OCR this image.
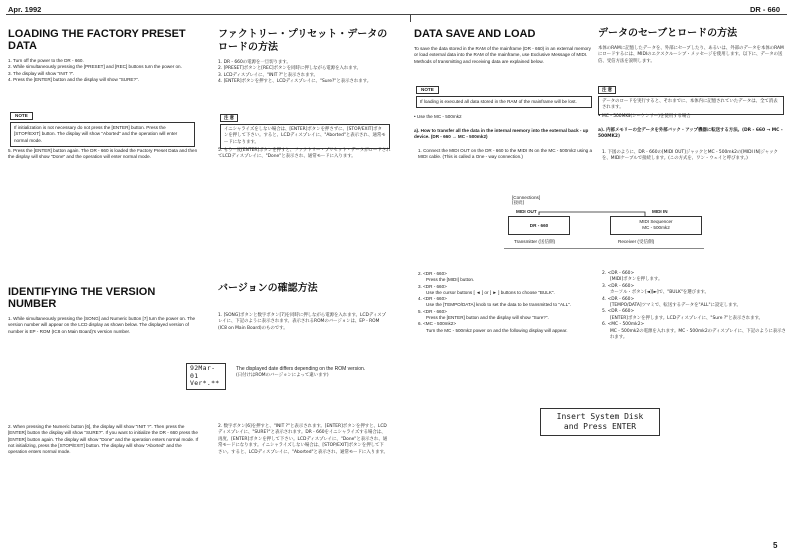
Apr. 1992	DR - 660
5
LOADING THE FACTORY PRESET DATA
1. Turn off the power to the DR - 660.
2. While simultaneously pressing the [PRESET] and [REC] buttons turn the power on.
3. The display will show "INIT ?".
4. Press the [ENTER] button and the display will show "SURE?".
NOTE
If initialization is not necessary do not press the [ENTER] button. Press the [STOP/EXIT] button. The display will show "Aborted" and the operation will enter normal mode.
5. Press the [ENTER] button again. The DR - 660 is loaded the Factory Preset Data and then the display will show "Done" and the operation will enter normal mode.
ファクトリー・プリセット・データのロードの方法
1. DR - 660の電源を一旦切ります。
2. [PRESET]ボタンと[REC]ボタンを同時に押しながら電源を入れます。
3. LCDディスプレイに、"INIT ?"と表示されます。
4. [ENTER]ボタンを押すと、LCDディスプレイに、"Sure?"と表示されます。
注 意
イニシャライズをしない場合は、[ENTER]ボタンを押さずに、[STOP/EXIT]ボタンを押して下さい。すると、LCDディスプレイに、"Aborted"と表示され、通常モードになります。
5. もう一度[ENTER]ボタンを押すと、ファクトリー・プリセット・データがロードされてLCDディスプレイに、"Done"と表示され、通常モードに入ります。
DATA SAVE AND LOAD
To save the data stored in the RAM of the mainframe (DR - 660) in an external memory or load external data into the RAM of the mainframe, use Exclusive Message of MIDI. Methods of transmitting and receiving data are explained below.
NOTE
If loading is executed all data stored in the RAM of the mainframe will be lost.
• Use the MC - 500mk2
a). How to transfer all the data in the internal memory into the external back - up device. (DR - 660 → MC - 500mk2)
1. Connect the MIDI OUT on the DR - 660 to the MIDI IN on the MC - 500mk2 using a MIDI cable. (This is called a One - way connection.)
データのセーブとロードの方法
本体のRAMに記憶したデータを、外部にセーブしたり、あるいは、外部のデータを本体のRAMにロードするには、MIDIのエクスクルーシブ・メッセージを使用します。以下に、データの送信、受信方法を説明します。
注 意
データのロードを実行すると、それまでに、本体内に記憶されていたデータは、全て消去されます。
• MC - 500MKⅡ(シーケンサー)を使用する場合
a). 内部メモリーの全データを外部バック・アップ機器に転送する方法。(DR - 660 → MC - 500MK2)
1. 下図のように、DR - 660の[MIDI OUT]ジャックとMC - 500mk2の[MIDI IN]ジャックを、MIDIケーブルで接続します。(この方式を、ワン・ウェイと呼びます。)
[Connections]
[接続]
MIDI OUT	MIDI IN
DR - 660
MIDI Sequencer
MC - 500mk2
Transmitter (送信側)	Receiver (受信側)
IDENTIFYING THE VERSION NUMBER
1. While simultaneously pressing the [SONG] and Numeric button [7] turn the power on. The version number will appear on the LCD display as shown below. The displayed version of number is EP - ROM (IC8 on Main Board)'s version number.
92Mar-01
Ver*.**
The displayed date differs depending on the ROM version.
(日付けはROMのバージョンによって違います)
2. When pressing the Numeric button [6], the display will show "INIT ?". Then press the [ENTER] button the display will show "SURE?". If you want to initialize the DR - 660 press the [ENTER] button again. The display will show "Done" and the operation enters normal mode. If not initializing, press the [STOP/EXIT] button. The display will show "Aborted" and the operation enters normal mode.
バージョンの確認方法
1. [SONG]ボタンと数字ボタン[7]を同時に押しながら電源を入れます。LCDディスプレイに、下記のように表示されます。表示されるROMのバージョンは、EP - ROM (IC8 on Main Board)のものです。
2. 数字ボタン[6]を押すと、"INIT ?"と表示されます。[ENTER]ボタンを押すと、LCDディスプレイに、"SURE?"と表示されます。DR - 660をイニシャライズする場合は、再度、[ENTER]ボタンを押して下さい。LCDディスプレイに、"Done"と表示され、通常モードになります。イニシャライズしない場合は、[STOP/EXIT]ボタンを押して下さい。すると、LCDディスプレイに、"Aborted"と表示され、通常モードに入ります。
2. <DR - 660>
Press the [MIDI] button.
3. <DR - 660>
Use the cursor buttons [ ◄ ] or [ ► ] buttons to choose "BULK".
4. <DR - 660>
Use the [TEMPO/DATA] knob to set the data to be transmitted to "ALL".
5. <DR - 660>
Press the [ENTER] button and the display will show "Sure?".
6. <MC - 500mk2>
Turn the MC - 500mk2 power on and the following display will appear.
2. <DR - 660>
[MIDI]ボタンを押します。
3. <DR - 660>
カーソル・ボタン[◄][►]で、"BULK"を選びます。
4. <DR - 660>
[TEMPO/DATA]ツマミで、転送するデータを"ALL"に設定します。
5. <DR - 660>
[ENTER]ボタンを押します。LCDディスプレイに、"Sure ?"と表示されます。
6. <MC - 500mk2>
MC - 500mk2の電源を入れます。MC - 500mk2のディスプレイに、下記のように表示されます。
Insert System Disk
and Press ENTER
